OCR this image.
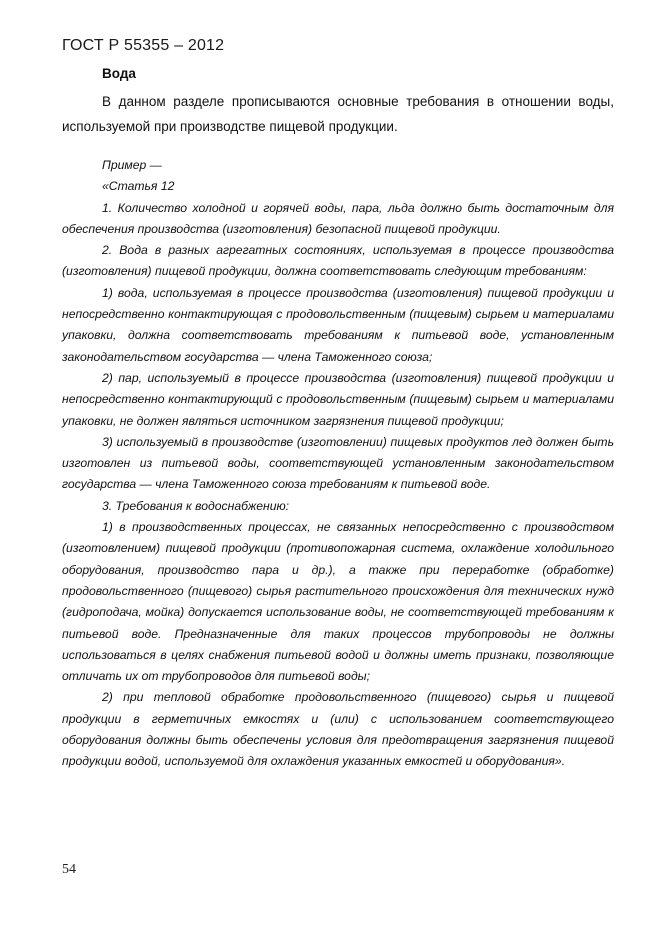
ГОСТ Р 55355 – 2012

Вода

В данном разделе прописываются основные требования в отношении воды, используемой при производстве пищевой продукции.

Пример —

«Статья 12

1. Количество холодной и горячей воды, пара, льда должно быть достаточным для обеспечения производства (изготовления) безопасной пищевой продукции.

2. Вода в разных агрегатных состояниях, используемая в процессе производства (изготовления) пищевой продукции, должна соответствовать следующим требованиям:

1) вода, используемая в процессе производства (изготовления) пищевой продукции и непосредственно контактирующая с продовольственным (пищевым) сырьем и материалами упаковки, должна соответствовать требованиям к питьевой воде, установленным законодательством государства — члена Таможенного союза;

2) пар, используемый в процессе производства (изготовления) пищевой продукции и непосредственно контактирующий с продовольственным (пищевым) сырьем и материалами упаковки, не должен являться источником загрязнения пищевой продукции;

3) используемый в производстве (изготовлении) пищевых продуктов лед должен быть изготовлен из питьевой воды, соответствующей установленным законодательством государства — члена Таможенного союза требованиям к питьевой воде.

3. Требования к водоснабжению:

1) в производственных процессах, не связанных непосредственно с производством (изготовлением) пищевой продукции (противопожарная система, охлаждение холодильного оборудования, производство пара и др.), а также при переработке (обработке) продовольственного (пищевого) сырья растительного происхождения для технических нужд (гидроподача, мойка) допускается использование воды, не соответствующей требованиям к питьевой воде. Предназначенные для таких процессов трубопроводы не должны использоваться в целях снабжения питьевой водой и должны иметь признаки, позволяющие отличать их от трубопроводов для питьевой воды;

2) при тепловой обработке продовольственного (пищевого) сырья и пищевой продукции в герметичных емкостях и (или) с использованием соответствующего оборудования должны быть обеспечены условия для предотвращения загрязнения пищевой продукции водой, используемой для охлаждения указанных емкостей и оборудования».

54
